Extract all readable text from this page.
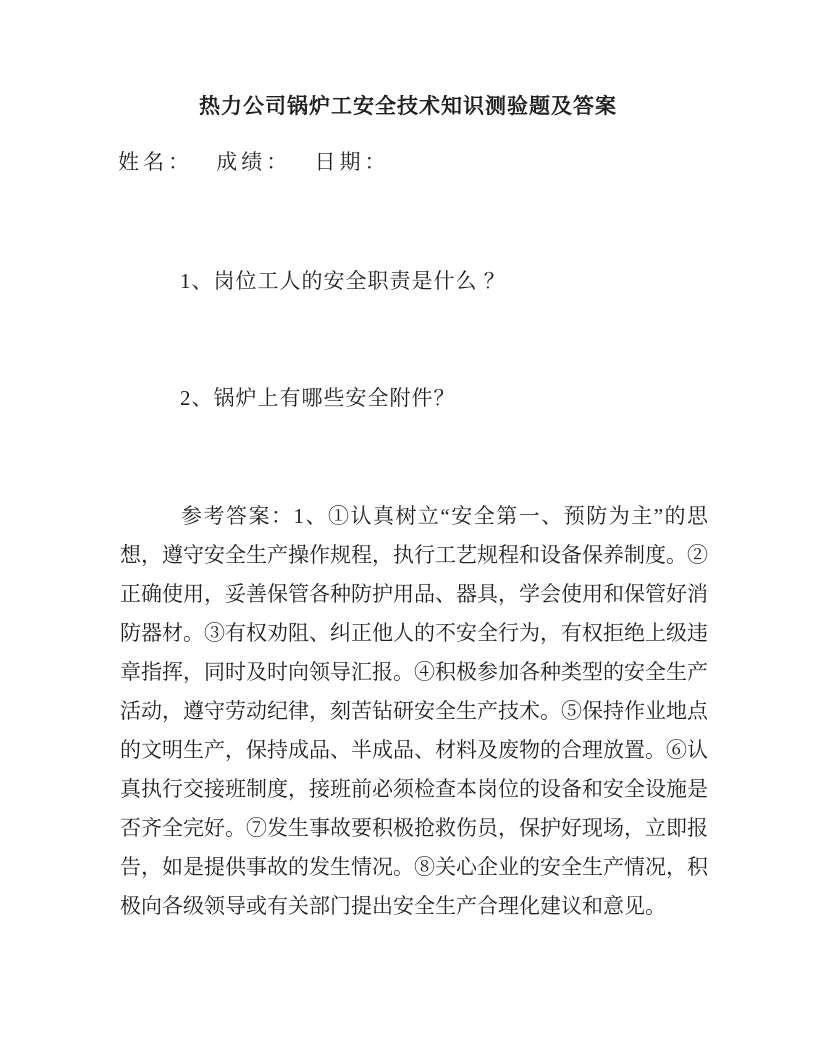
热力公司锅炉工安全技术知识测验题及答案
姓名： 成绩： 日期：

1、岗位工人的安全职责是什么 ？

2、锅炉上有哪些安全附件？

参考答案：1、①认真树立“安全第一、预防为主”的思想，遵守安全生产操作规程，执行工艺规程和设备保养制度。②正确使用，妥善保管各种防护用品、器具，学会使用和保管好消防器材。③有权劝阻、纠正他人的不安全行为，有权拒绝上级违章指挥，同时及时向领导汇报。④积极参加各种类型的安全生产活动，遵守劳动纪律，刻苦钻研安全生产技术。⑤保持作业地点的文明生产，保持成品、半成品、材料及废物的合理放置。⑥认真执行交接班制度，接班前必须检查本岗位的设备和安全设施是否齐全完好。⑦发生事故要积极抢救伤员，保护好现场，立即报告，如是提供事故的发生情况。⑧关心企业的安全生产情况，积极向各级领导或有关部门提出安全生产合理化建议和意见。
